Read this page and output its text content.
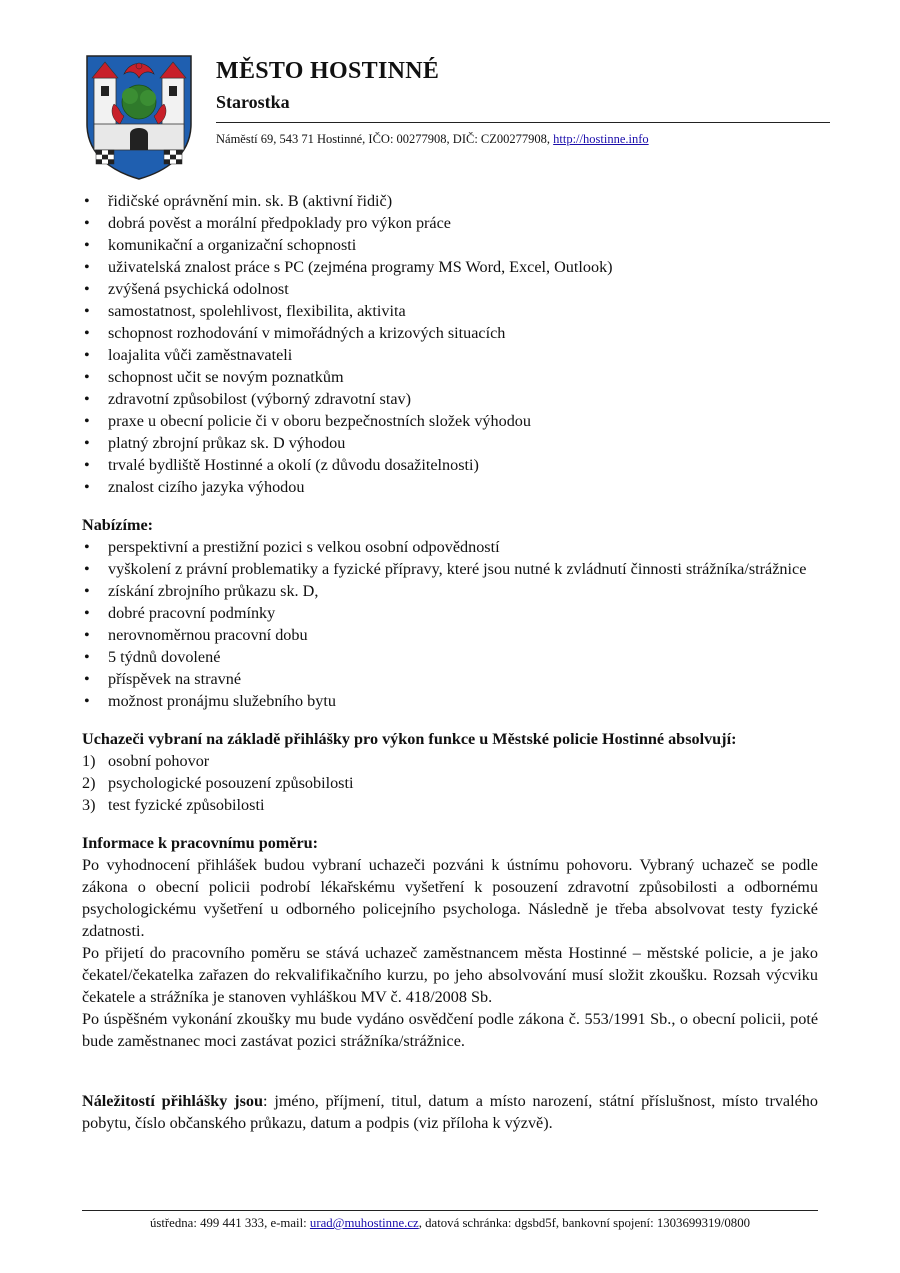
MĚSTO HOSTINNÉ
Starostka
Náměstí 69, 543 71 Hostinné, IČO: 00277908, DIČ: CZ00277908, http://hostinne.info
• řidičské oprávnění min. sk. B (aktivní řidič)
• dobrá pověst a morální předpoklady pro výkon práce
• komunikační a organizační schopnosti
• uživatelská znalost práce s PC (zejména programy MS Word, Excel, Outlook)
• zvýšená psychická odolnost
• samostatnost, spolehlivost, flexibilita, aktivita
• schopnost rozhodování v mimořádných a krizových situacích
• loajalita vůči zaměstnavateli
• schopnost učit se novým poznatkům
• zdravotní způsobilost (výborný zdravotní stav)
• praxe u obecní policie či v oboru bezpečnostních složek výhodou
• platný zbrojní průkaz sk. D výhodou
• trvalé bydliště Hostinné a okolí (z důvodu dosažitelnosti)
• znalost cizího jazyka výhodou

Nabízíme:

• perspektivní a prestižní pozici s velkou osobní odpovědností
• vyškolení z právní problematiky a fyzické přípravy, které jsou nutné k zvládnutí činnosti strážníka/strážnice
• získání zbrojního průkazu sk. D,
• dobré pracovní podmínky
• nerovnoměrnou pracovní dobu
• 5 týdnů dovolené
• příspěvek na stravné
• možnost pronájmu služebního bytu

Uchazeči vybraní na základě přihlášky pro výkon funkce u Městské policie Hostinné absolvují:

1) osobní pohovor
2) psychologické posouzení způsobilosti
3) test fyzické způsobilosti

Informace k pracovnímu poměru:

Po vyhodnocení přihlášek budou vybraní uchazeči pozváni k ústnímu pohovoru. Vybraný uchazeč se podle zákona o obecní policii podrobí lékařskému vyšetření k posouzení zdravotní způsobilosti a odbornému psychologickému vyšetření u odborného policejního psychologa. Následně je třeba absolvovat testy fyzické zdatnosti.

Po přijetí do pracovního poměru se stává uchazeč zaměstnancem města Hostinné – městské policie, a je jako čekatel/čekatelka zařazen do rekvalifikačního kurzu, po jeho absolvování musí složit zkoušku. Rozsah výcviku čekatele a strážníka je stanoven vyhláškou MV č. 418/2008 Sb.

Po úspěšném vykonání zkoušky mu bude vydáno osvědčení podle zákona č. 553/1991 Sb., o obecní policii, poté bude zaměstnanec moci zastávat pozici strážníka/strážnice.

Náležitostí přihlášky jsou: jméno, příjmení, titul, datum a místo narození, státní příslušnost, místo trvalého pobytu, číslo občanského průkazu, datum a podpis (viz příloha k výzvě).

ústředna: 499 441 333, e-mail: urad@muhostinne.cz, datová schránka: dgsbd5f, bankovní spojení: 1303699319/0800
